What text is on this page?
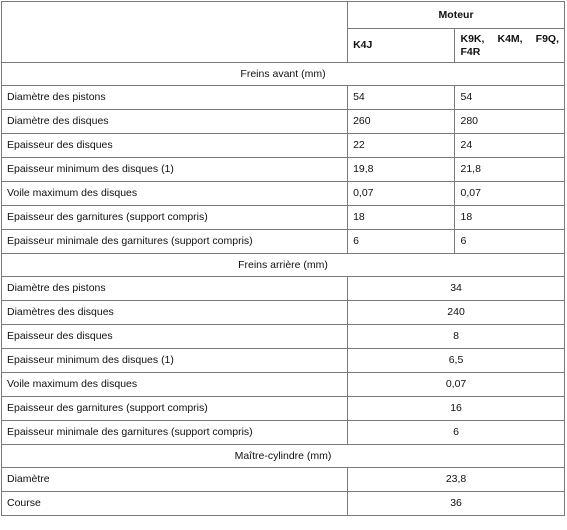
	Moteur	
	K4J	K9K, K4M, F9Q,
F4R

Freins avant (mm)		
Diamètre des pistons	54	54
Diamètre des disques	260	280
Epaisseur des disques	22	24
Epaisseur minimum des disques (1)	19,8	21,8
Voile maximum des disques	0,07	0,07
Epaisseur des garnitures (support compris)	18	18
Epaisseur minimale des garnitures (support compris)	6	6
Freins arrière (mm)		
Diamètre des pistons	34	
Diamètres des disques	240	
Epaisseur des disques	8	
Epaisseur minimum des disques (1)	6,5	
Voile maximum des disques	0,07	
Epaisseur des garnitures (support compris)	16	
Epaisseur minimale des garnitures (support compris)	6	
Maître-cylindre (mm)		
Diamètre	23,8	
Course	36	
